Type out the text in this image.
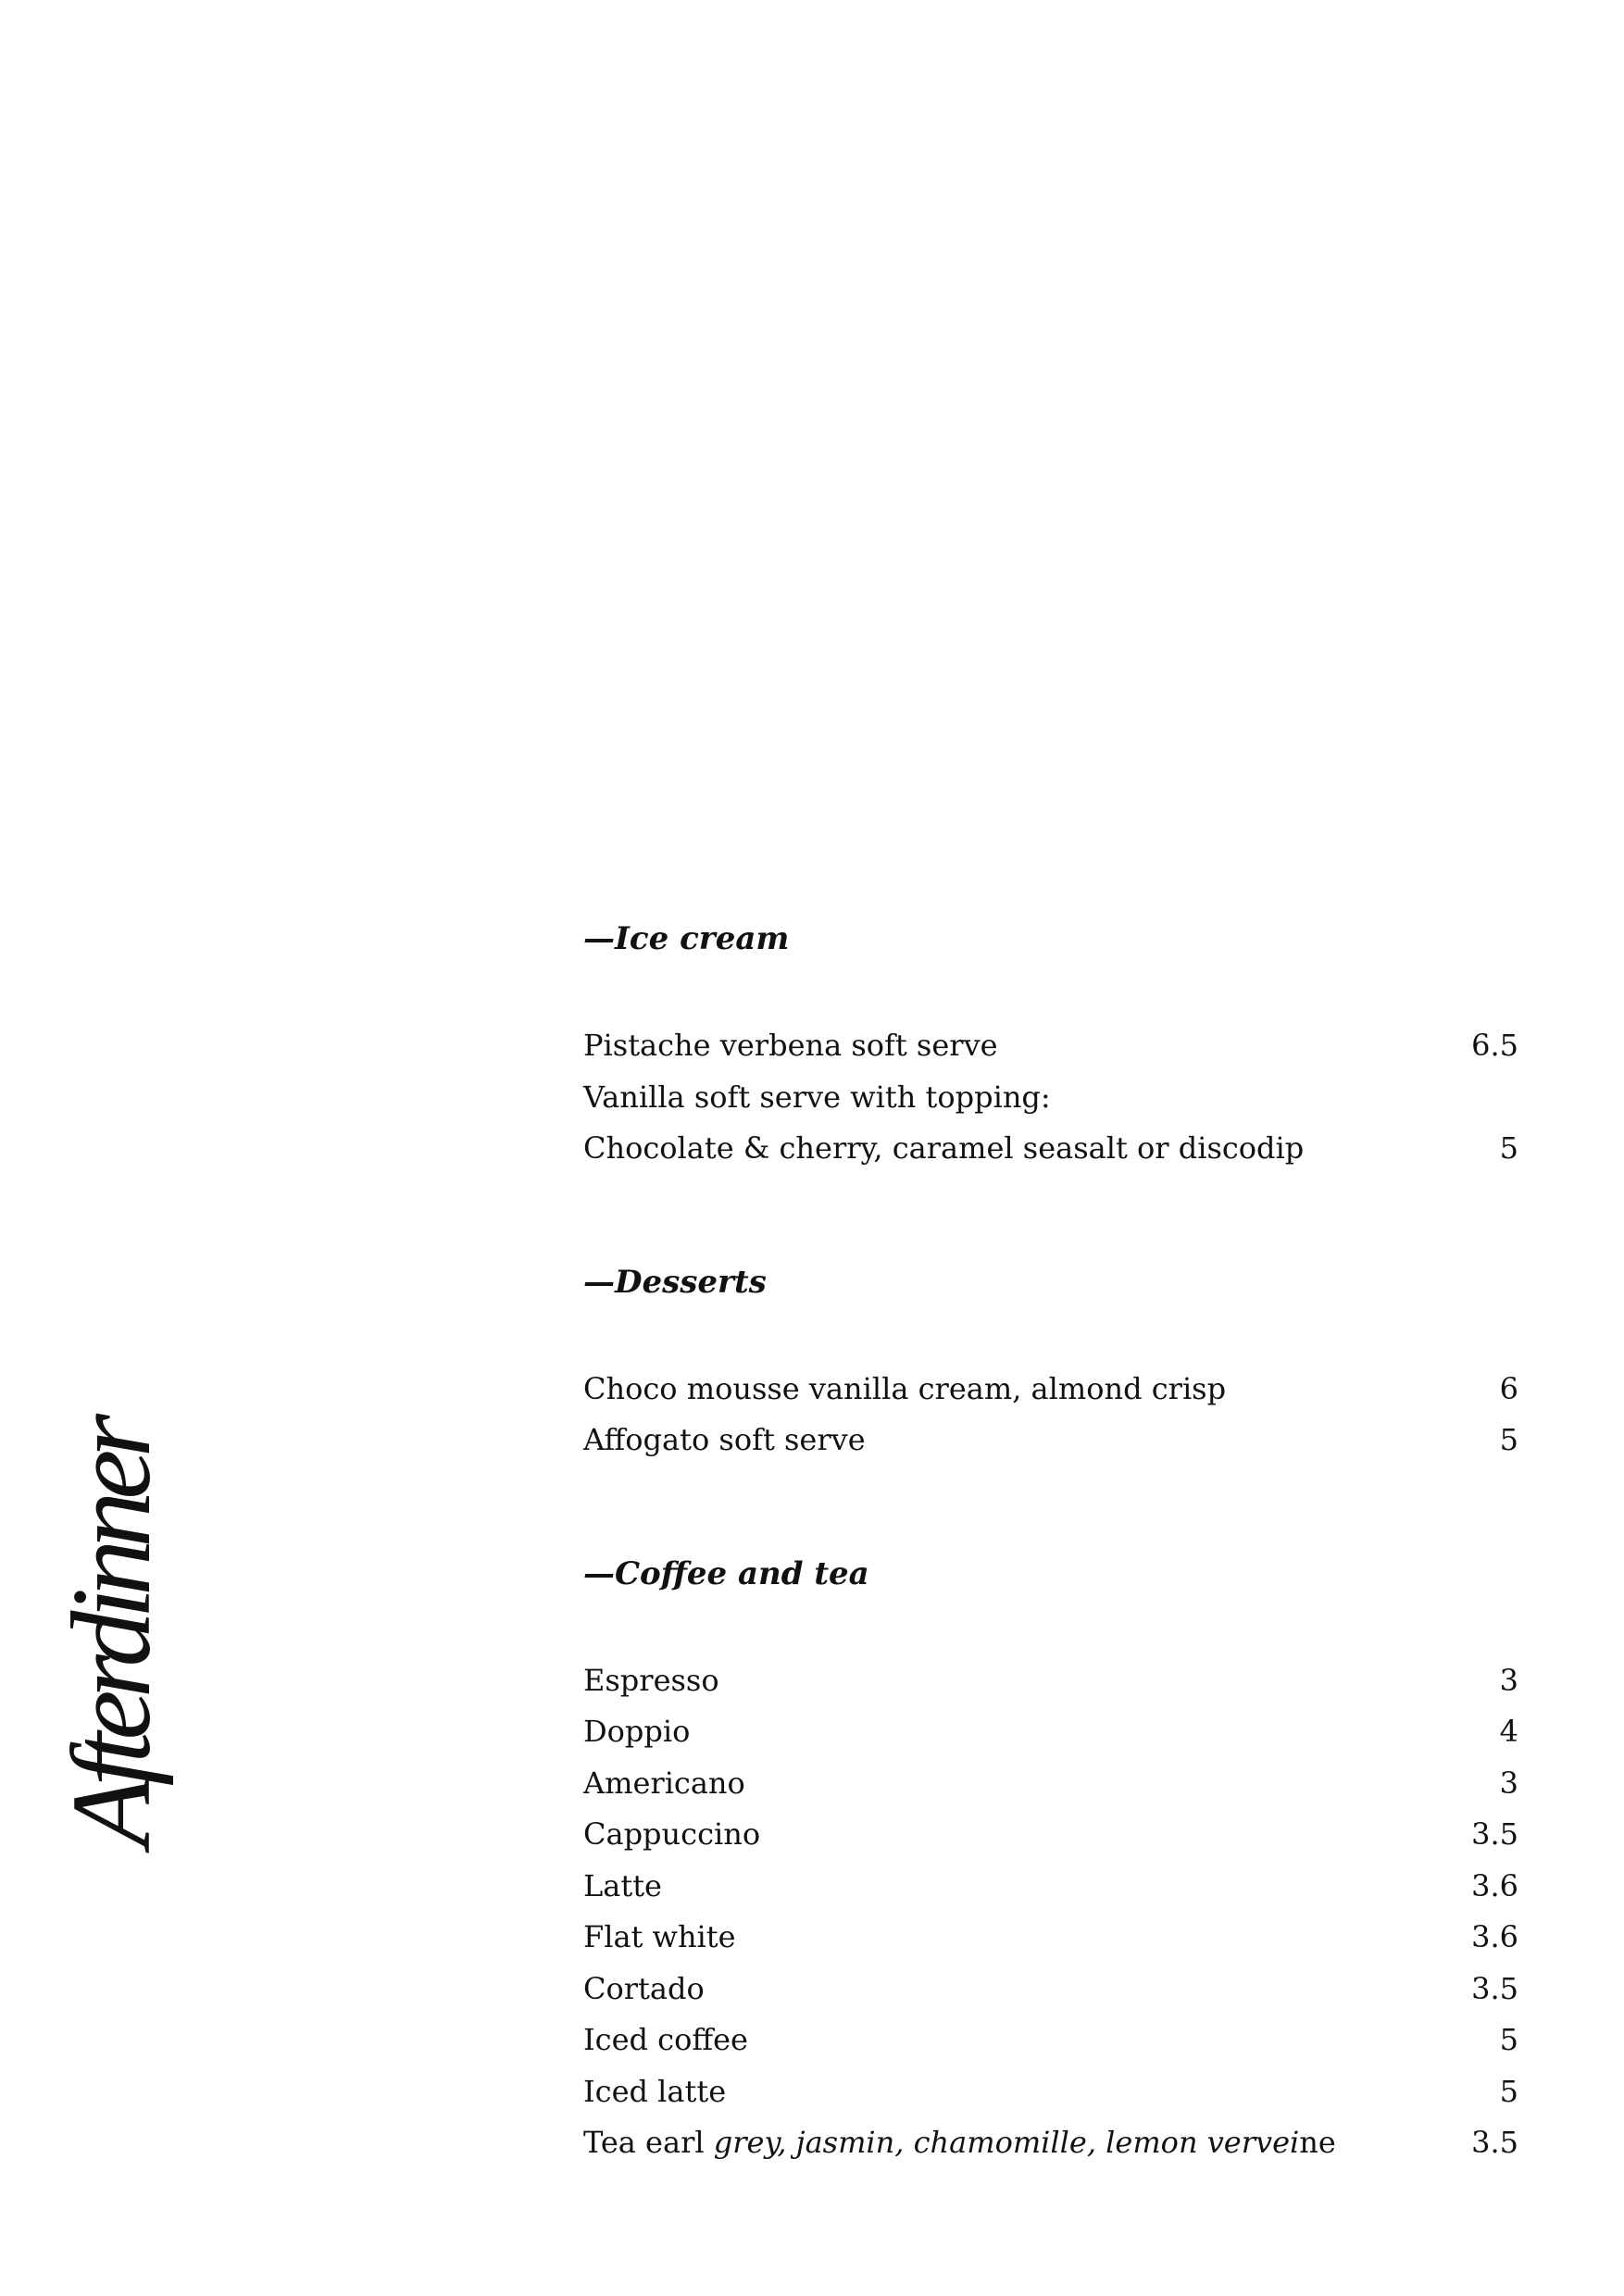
Afterdinner
—Ice cream
Pistache verbena soft serve	6.5
Vanilla soft serve with topping:
Chocolate & cherry, caramel seasalt or discodip	5
—Desserts
Choco mousse vanilla cream, almond crisp	6
Affogato soft serve	5
—Coffee and tea
Espresso	3
Doppio	4
Americano	3
Cappuccino	3.5
Latte	3.6
Flat white	3.6
Cortado	3.5
Iced coffee	5
Iced latte	5
Tea earl grey, jasmin, chamomille, lemon verveine	3.5
